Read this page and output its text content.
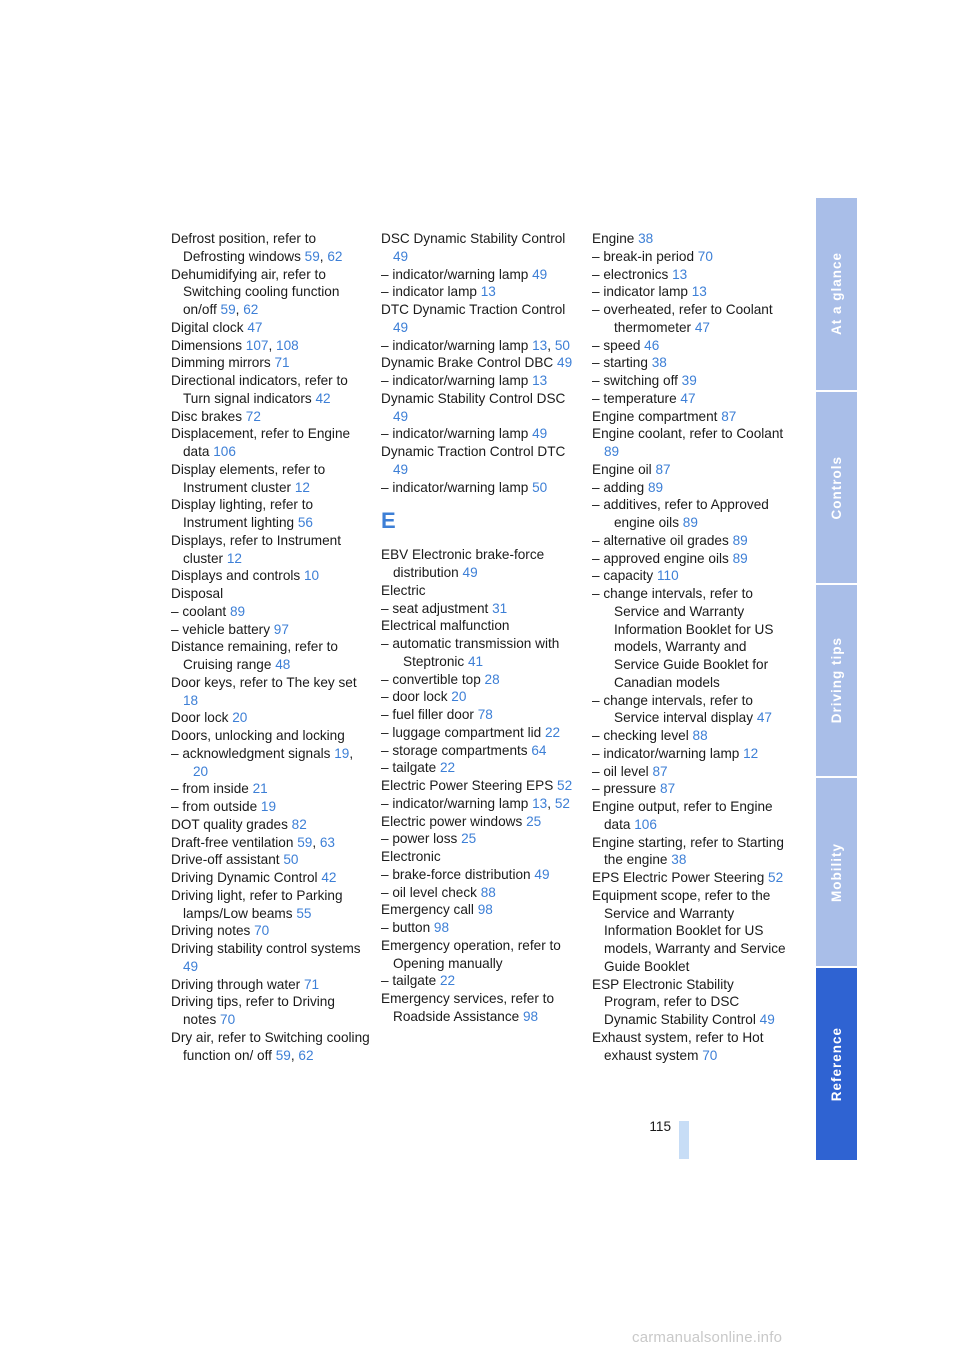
Defrost position, refer to Defrosting windows 59, 62
Dehumidifying air, refer to Switching cooling function on/off 59, 62
Digital clock 47
Dimensions 107, 108
Dimming mirrors 71
Directional indicators, refer to Turn signal indicators 42
Disc brakes 72
Displacement, refer to Engine data 106
Display elements, refer to Instrument cluster 12
Display lighting, refer to Instrument lighting 56
Displays, refer to Instrument cluster 12
Displays and controls 10
Disposal
– coolant 89
– vehicle battery 97
Distance remaining, refer to Cruising range 48
Door keys, refer to The key set 18
Door lock 20
Doors, unlocking and locking
– acknowledgment signals 19, 20
– from inside 21
– from outside 19
DOT quality grades 82
Draft-free ventilation 59, 63
Drive-off assistant 50
Driving Dynamic Control 42
Driving light, refer to Parking lamps/Low beams 55
Driving notes 70
Driving stability control systems 49
Driving through water 71
Driving tips, refer to Driving notes 70
Dry air, refer to Switching cooling function on/ off 59, 62
DSC Dynamic Stability Control 49
– indicator/warning lamp 49
– indicator lamp 13
DTC Dynamic Traction Control 49
– indicator/warning lamp 13, 50
Dynamic Brake Control DBC 49
– indicator/warning lamp 13
Dynamic Stability Control DSC 49
– indicator/warning lamp 49
Dynamic Traction Control DTC 49
– indicator/warning lamp 50
E
EBV Electronic brake-force distribution 49
Electric
– seat adjustment 31
Electrical malfunction
– automatic transmission with Steptronic 41
– convertible top 28
– door lock 20
– fuel filler door 78
– luggage compartment lid 22
– storage compartments 64
– tailgate 22
Electric Power Steering EPS 52
– indicator/warning lamp 13, 52
Electric power windows 25
– power loss 25
Electronic
– brake-force distribution 49
– oil level check 88
Emergency call 98
– button 98
Emergency operation, refer to Opening manually
– tailgate 22
Emergency services, refer to Roadside Assistance 98
Engine 38
– break-in period 70
– electronics 13
– indicator lamp 13
– overheated, refer to Coolant thermometer 47
– speed 46
– starting 38
– switching off 39
– temperature 47
Engine compartment 87
Engine coolant, refer to Coolant 89
Engine oil 87
– adding 89
– additives, refer to Approved engine oils 89
– alternative oil grades 89
– approved engine oils 89
– capacity 110
– change intervals, refer to Service and Warranty Information Booklet for US models, Warranty and Service Guide Booklet for Canadian models
– change intervals, refer to Service interval display 47
– checking level 88
– indicator/warning lamp 12
– oil level 87
– pressure 87
Engine output, refer to Engine data 106
Engine starting, refer to Starting the engine 38
EPS Electric Power Steering 52
Equipment scope, refer to the Service and Warranty Information Booklet for US models, Warranty and Service Guide Booklet
ESP Electronic Stability Program, refer to DSC Dynamic Stability Control 49
Exhaust system, refer to Hot exhaust system 70
At a glance
Controls
Driving tips
Mobility
Reference
115
carmanualsonline.info
